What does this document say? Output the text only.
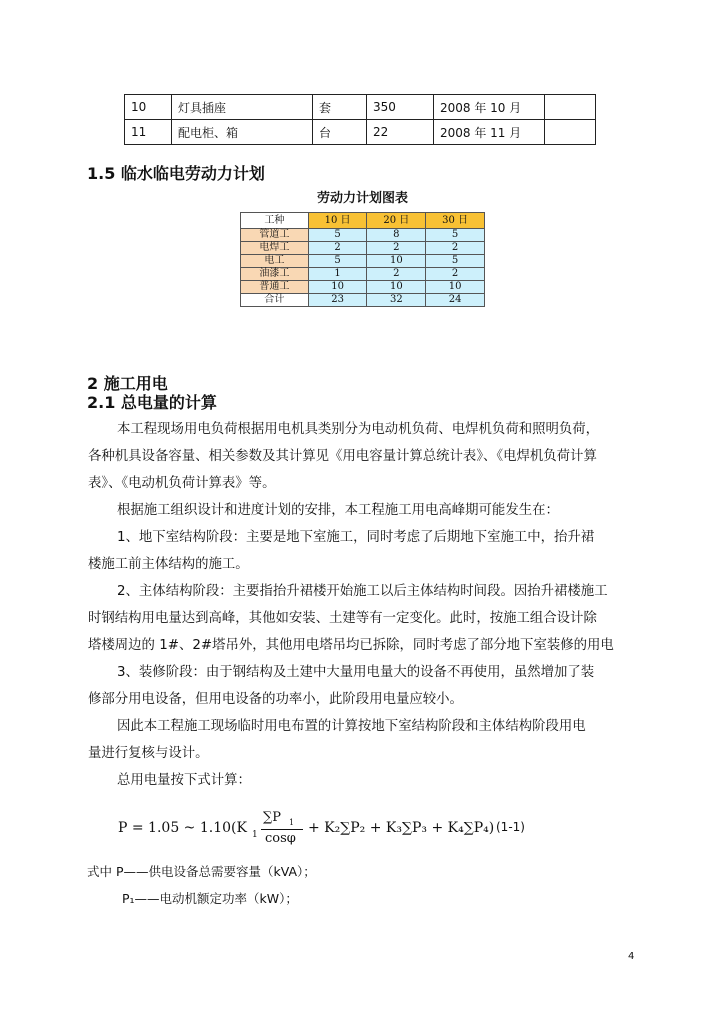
10	灯具插座	套	350	2008 年 10 月	
11	配电柜、箱	台	22	2008 年 11 月	
1.5 临水临电劳动力计划
劳动力计划图表
工种	10 日	20 日	30 日
管道工	5	8	5
电焊工	2	2	2
电工	5	10	5
油漆工	1	2	2
普通工	10	10	10
合计	23	32	24
2 施工用电
2.1 总电量的计算
本工程现场用电负荷根据用电机具类别分为电动机负荷、电焊机负荷和照明负荷，
各种机具设备容量、相关参数及其计算见《用电容量计算总统计表》、《电焊机负荷计算
表》、《电动机负荷计算表》等。
根据施工组织设计和进度计划的安排，本工程施工用电高峰期可能发生在：
1、地下室结构阶段：主要是地下室施工，同时考虑了后期地下室施工中，抬升裙
楼施工前主体结构的施工。
2、主体结构阶段：主要指抬升裙楼开始施工以后主体结构时间段。因抬升裙楼施工
时钢结构用电量达到高峰，其他如安装、土建等有一定变化。此时，按施工组合设计除
塔楼周边的 1#、2#塔吊外，其他用电塔吊均已拆除，同时考虑了部分地下室装修的用电
3、装修阶段：由于钢结构及土建中大量用电量大的设备不再使用，虽然增加了装
修部分用电设备，但用电设备的功率小，此阶段用电量应较小。
因此本工程施工现场临时用电布置的计算按地下室结构阶段和主体结构阶段用电
量进行复核与设计。
总用电量按下式计算：
P = 1.05 ~ 1.10(K 1
∑P 1
cosφ
+ K₂∑P₂ + K₃∑P₃ + K₄∑P₄) (1-1)
式中 P——供电设备总需要容量（kVA）；
P₁——电动机额定功率（kW）；
4
